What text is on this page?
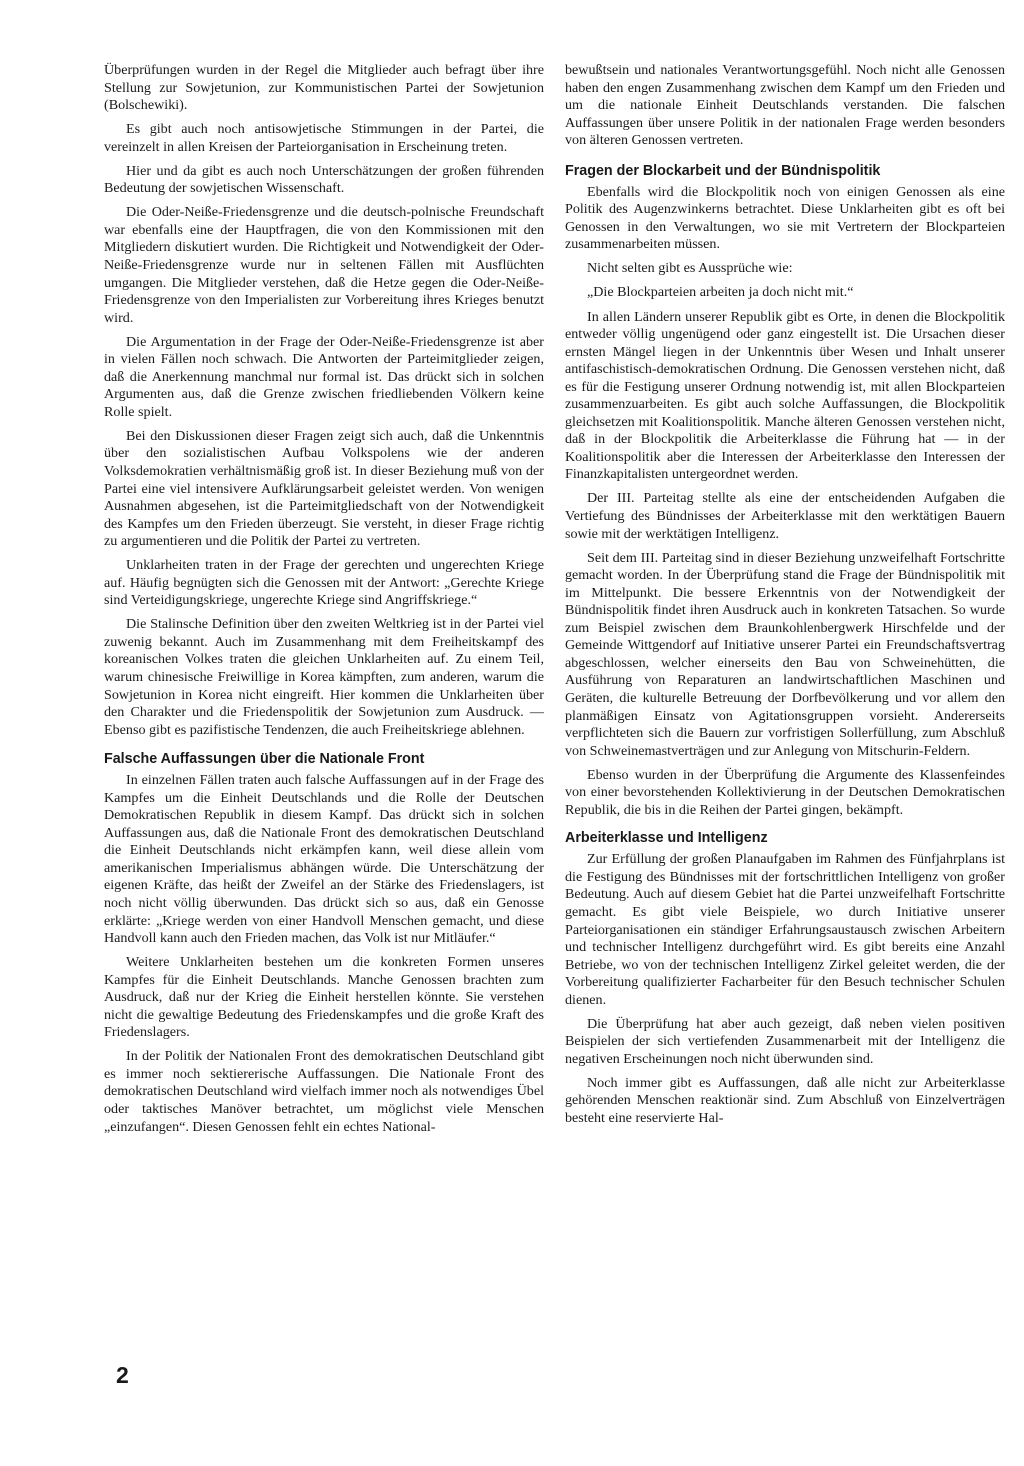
Überprüfungen wurden in der Regel die Mitglieder auch befragt über ihre Stellung zur Sowjetunion, zur Kommunistischen Partei der Sowjetunion (Bolschewiki).

Es gibt auch noch antisowjetische Stimmungen in der Partei, die vereinzelt in allen Kreisen der Parteiorganisation in Erscheinung treten.

Hier und da gibt es auch noch Unterschätzungen der großen führenden Bedeutung der sowjetischen Wissenschaft.

Die Oder-Neiße-Friedensgrenze und die deutsch-polnische Freundschaft war ebenfalls eine der Hauptfragen, die von den Kommissionen mit den Mitgliedern diskutiert wurden. Die Richtigkeit und Notwendigkeit der Oder-Neiße-Friedensgrenze wurde nur in seltenen Fällen mit Ausflüchten umgangen. Die Mitglieder verstehen, daß die Hetze gegen die Oder-Neiße-Friedensgrenze von den Imperialisten zur Vorbereitung ihres Krieges benutzt wird.

Die Argumentation in der Frage der Oder-Neiße-Friedensgrenze ist aber in vielen Fällen noch schwach. Die Antworten der Parteimitglieder zeigen, daß die Anerkennung manchmal nur formal ist. Das drückt sich in solchen Argumenten aus, daß die Grenze zwischen friedliebenden Völkern keine Rolle spielt.

Bei den Diskussionen dieser Fragen zeigt sich auch, daß die Unkenntnis über den sozialistischen Aufbau Volkspolens wie der anderen Volksdemokratien verhältnismäßig groß ist. In dieser Beziehung muß von der Partei eine viel intensivere Aufklärungsarbeit geleistet werden. Von wenigen Ausnahmen abgesehen, ist die Parteimitgliedschaft von der Notwendigkeit des Kampfes um den Frieden überzeugt. Sie versteht, in dieser Frage richtig zu argumentieren und die Politik der Partei zu vertreten.

Unklarheiten traten in der Frage der gerechten und ungerechten Kriege auf. Häufig begnügten sich die Genossen mit der Antwort: „Gerechte Kriege sind Verteidigungskriege, ungerechte Kriege sind Angriffskriege.“

Die Stalinsche Definition über den zweiten Weltkrieg ist in der Partei viel zuwenig bekannt. Auch im Zusammenhang mit dem Freiheitskampf des koreanischen Volkes traten die gleichen Unklarheiten auf. Zu einem Teil, warum chinesische Freiwillige in Korea kämpften, zum anderen, warum die Sowjetunion in Korea nicht eingreift. Hier kommen die Unklarheiten über den Charakter und die Friedenspolitik der Sowjetunion zum Ausdruck. — Ebenso gibt es pazifistische Tendenzen, die auch Freiheitskriege ablehnen.

Falsche Auffassungen über die Nationale Front

In einzelnen Fällen traten auch falsche Auffassungen auf in der Frage des Kampfes um die Einheit Deutschlands und die Rolle der Deutschen Demokratischen Republik in diesem Kampf. Das drückt sich in solchen Auffassungen aus, daß die Nationale Front des demokratischen Deutschland die Einheit Deutschlands nicht erkämpfen kann, weil diese allein vom amerikanischen Imperialismus abhängen würde. Die Unterschätzung der eigenen Kräfte, das heißt der Zweifel an der Stärke des Friedenslagers, ist noch nicht völlig überwunden. Das drückt sich so aus, daß ein Genosse erklärte: „Kriege werden von einer Handvoll Menschen gemacht, und diese Handvoll kann auch den Frieden machen, das Volk ist nur Mitläufer.“

Weitere Unklarheiten bestehen um die konkreten Formen unseres Kampfes für die Einheit Deutschlands. Manche Genossen brachten zum Ausdruck, daß nur der Krieg die Einheit herstellen könnte. Sie verstehen nicht die gewaltige Bedeutung des Friedenskampfes und die große Kraft des Friedenslagers.

In der Politik der Nationalen Front des demokratischen Deutschland gibt es immer noch sektiererische Auffassungen. Die Nationale Front des demokratischen Deutschland wird vielfach immer noch als notwendiges Übel oder taktisches Manöver betrachtet, um möglichst viele Menschen „einzufangen“. Diesen Genossen fehlt ein echtes National-

bewußtsein und nationales Verantwortungsgefühl. Noch nicht alle Genossen haben den engen Zusammenhang zwischen dem Kampf um den Frieden und um die nationale Einheit Deutschlands verstanden. Die falschen Auffassungen über unsere Politik in der nationalen Frage werden besonders von älteren Genossen vertreten.

Fragen der Blockarbeit und der Bündnispolitik

Ebenfalls wird die Blockpolitik noch von einigen Genossen als eine Politik des Augenzwinkerns betrachtet. Diese Unklarheiten gibt es oft bei Genossen in den Verwaltungen, wo sie mit Vertretern der Blockparteien zusammenarbeiten müssen.

Nicht selten gibt es Aussprüche wie:

„Die Blockparteien arbeiten ja doch nicht mit.“

In allen Ländern unserer Republik gibt es Orte, in denen die Blockpolitik entweder völlig ungenügend oder ganz eingestellt ist. Die Ursachen dieser ernsten Mängel liegen in der Unkenntnis über Wesen und Inhalt unserer antifaschistisch-demokratischen Ordnung. Die Genossen verstehen nicht, daß es für die Festigung unserer Ordnung notwendig ist, mit allen Blockparteien zusammenzuarbeiten. Es gibt auch solche Auffassungen, die Blockpolitik gleichsetzen mit Koalitionspolitik. Manche älteren Genossen verstehen nicht, daß in der Blockpolitik die Arbeiterklasse die Führung hat — in der Koalitionspolitik aber die Interessen der Arbeiterklasse den Interessen der Finanzkapitalisten untergeordnet werden.

Der III. Parteitag stellte als eine der entscheidenden Aufgaben die Vertiefung des Bündnisses der Arbeiterklasse mit den werktätigen Bauern sowie mit der werktätigen Intelligenz.

Seit dem III. Parteitag sind in dieser Beziehung unzweifelhaft Fortschritte gemacht worden. In der Überprüfung stand die Frage der Bündnispolitik mit im Mittelpunkt. Die bessere Erkenntnis von der Notwendigkeit der Bündnispolitik findet ihren Ausdruck auch in konkreten Tatsachen. So wurde zum Beispiel zwischen dem Braunkohlenbergwerk Hirschfelde und der Gemeinde Wittgendorf auf Initiative unserer Partei ein Freundschaftsvertrag abgeschlossen, welcher einerseits den Bau von Schweinehütten, die Ausführung von Reparaturen an landwirtschaftlichen Maschinen und Geräten, die kulturelle Betreuung der Dorfbevölkerung und vor allem den planmäßigen Einsatz von Agitationsgruppen vorsieht. Andererseits verpflichteten sich die Bauern zur vorfristigen Sollerfüllung, zum Abschluß von Schweinemastverträgen und zur Anlegung von Mitschurin-Feldern.

Ebenso wurden in der Überprüfung die Argumente des Klassenfeindes von einer bevorstehenden Kollektivierung in der Deutschen Demokratischen Republik, die bis in die Reihen der Partei gingen, bekämpft.

Arbeiterklasse und Intelligenz

Zur Erfüllung der großen Planaufgaben im Rahmen des Fünfjahrplans ist die Festigung des Bündnisses mit der fortschrittlichen Intelligenz von großer Bedeutung. Auch auf diesem Gebiet hat die Partei unzweifelhaft Fortschritte gemacht. Es gibt viele Beispiele, wo durch Initiative unserer Parteiorganisationen ein ständiger Erfahrungsaustausch zwischen Arbeitern und technischer Intelligenz durchgeführt wird. Es gibt bereits eine Anzahl Betriebe, wo von der technischen Intelligenz Zirkel geleitet werden, die der Vorbereitung qualifizierter Facharbeiter für den Besuch technischer Schulen dienen.

Die Überprüfung hat aber auch gezeigt, daß neben vielen positiven Beispielen der sich vertiefenden Zusammenarbeit mit der Intelligenz die negativen Erscheinungen noch nicht überwunden sind.

Noch immer gibt es Auffassungen, daß alle nicht zur Arbeiterklasse gehörenden Menschen reaktionär sind. Zum Abschluß von Einzelverträgen besteht eine reservierte Hal-

2
